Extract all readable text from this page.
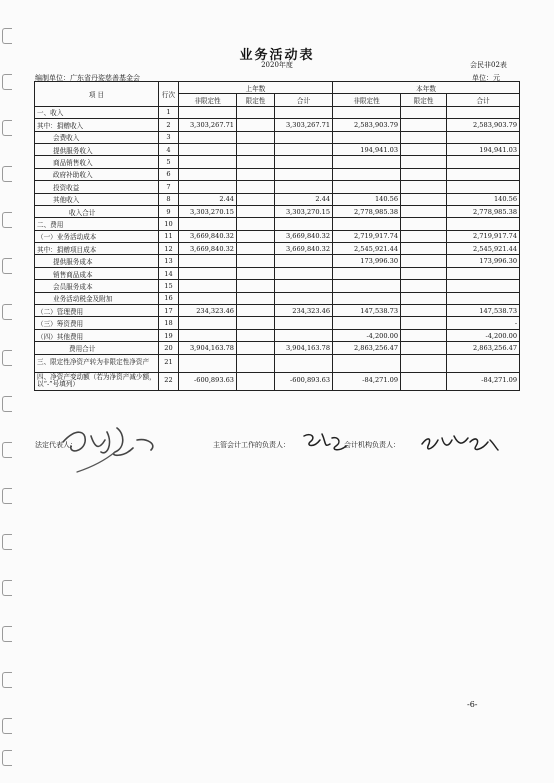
业务活动表
2020年度	会民非02表
编制单位：广东省丹姿慈善基金会	单位：元
项 目	行次	上年数			本年数		
		非限定性	限定性	合计	非限定性	限定性	合计
一、收入	1						
其中：捐赠收入	2	3,303,267.71		3,303,267.71	2,583,903.79		2,583,903.79
会费收入	3						
提供服务收入	4				194,941.03		194,941.03
商品销售收入	5						
政府补助收入	6						
投资收益	7						
其他收入	8	2.44		2.44	140.56		140.56
收入合计	9	3,303,270.15		3,303,270.15	2,778,985.38		2,778,985.38
二、费用	10						
（一）业务活动成本	11	3,669,840.32		3,669,840.32	2,719,917.74		2,719,917.74
其中：捐赠项目成本	12	3,669,840.32		3,669,840.32	2,545,921.44		2,545,921.44
提供服务成本	13				173,996.30		173,996.30
销售商品成本	14						
会员服务成本	15						
业务活动税金及附加	16						
（二）管理费用	17	234,323.46		234,323.46	147,538.73		147,538.73
（三）筹资费用	18						-
（四）其他费用	19				-4,200.00		-4,200.00
费用合计	20	3,904,163.78		3,904,163.78	2,863,256.47		2,863,256.47
三、限定性净资产转为非限定性净资产	21						
四、净资产变动额（若为净资产减少额，以“-”号填列）	22	-600,893.63		-600,893.63	-84,271.09		-84,271.09
法定代表人：	主管会计工作的负责人：	会计机构负责人：
-6-
